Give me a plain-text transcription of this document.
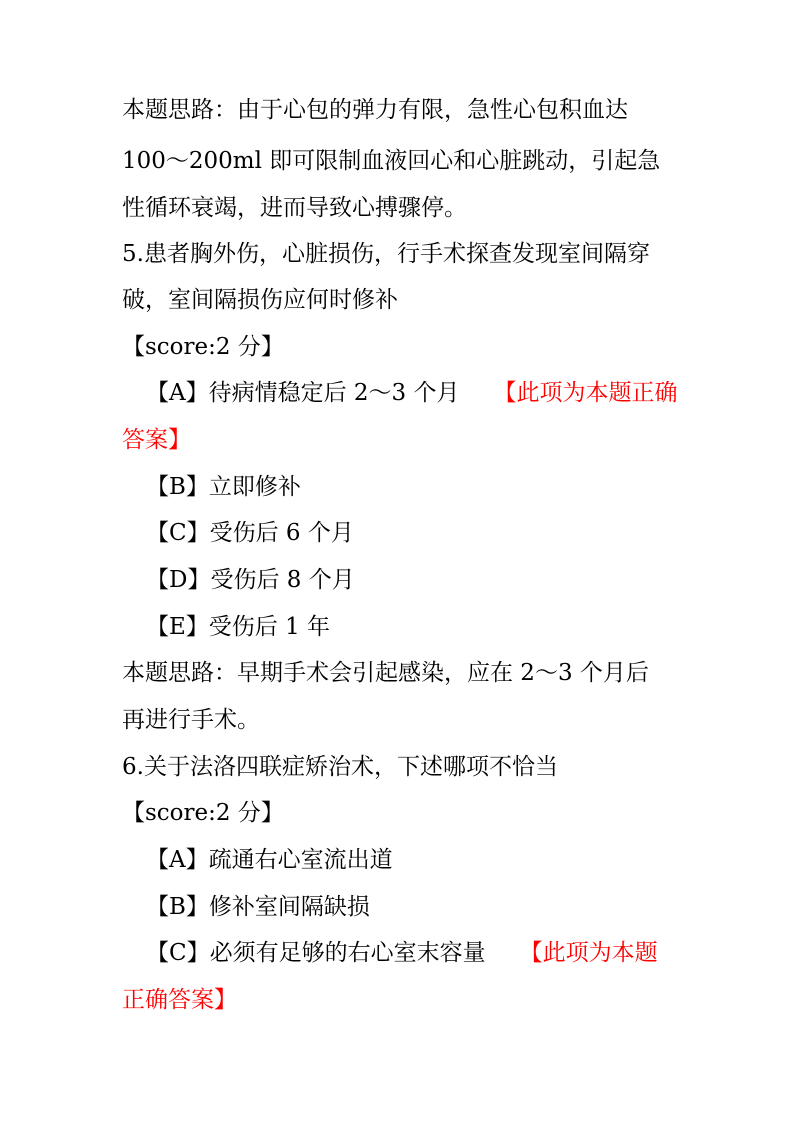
本题思路：由于心包的弹力有限，急性心包积血达
100～200ml 即可限制血液回心和心脏跳动，引起急
性循环衰竭，进而导致心搏骤停。
5.患者胸外伤，心脏损伤，行手术探查发现室间隔穿
破，室间隔损伤应何时修补
【score:2 分】
【A】待病情稳定后 2～3 个月 【此项为本题正确
答案】
【B】立即修补
【C】受伤后 6 个月
【D】受伤后 8 个月
【E】受伤后 1 年
本题思路：早期手术会引起感染，应在 2～3 个月后
再进行手术。
6.关于法洛四联症矫治术，下述哪项不恰当
【score:2 分】
【A】疏通右心室流出道
【B】修补室间隔缺损
【C】必须有足够的右心室末容量 【此项为本题
正确答案】
